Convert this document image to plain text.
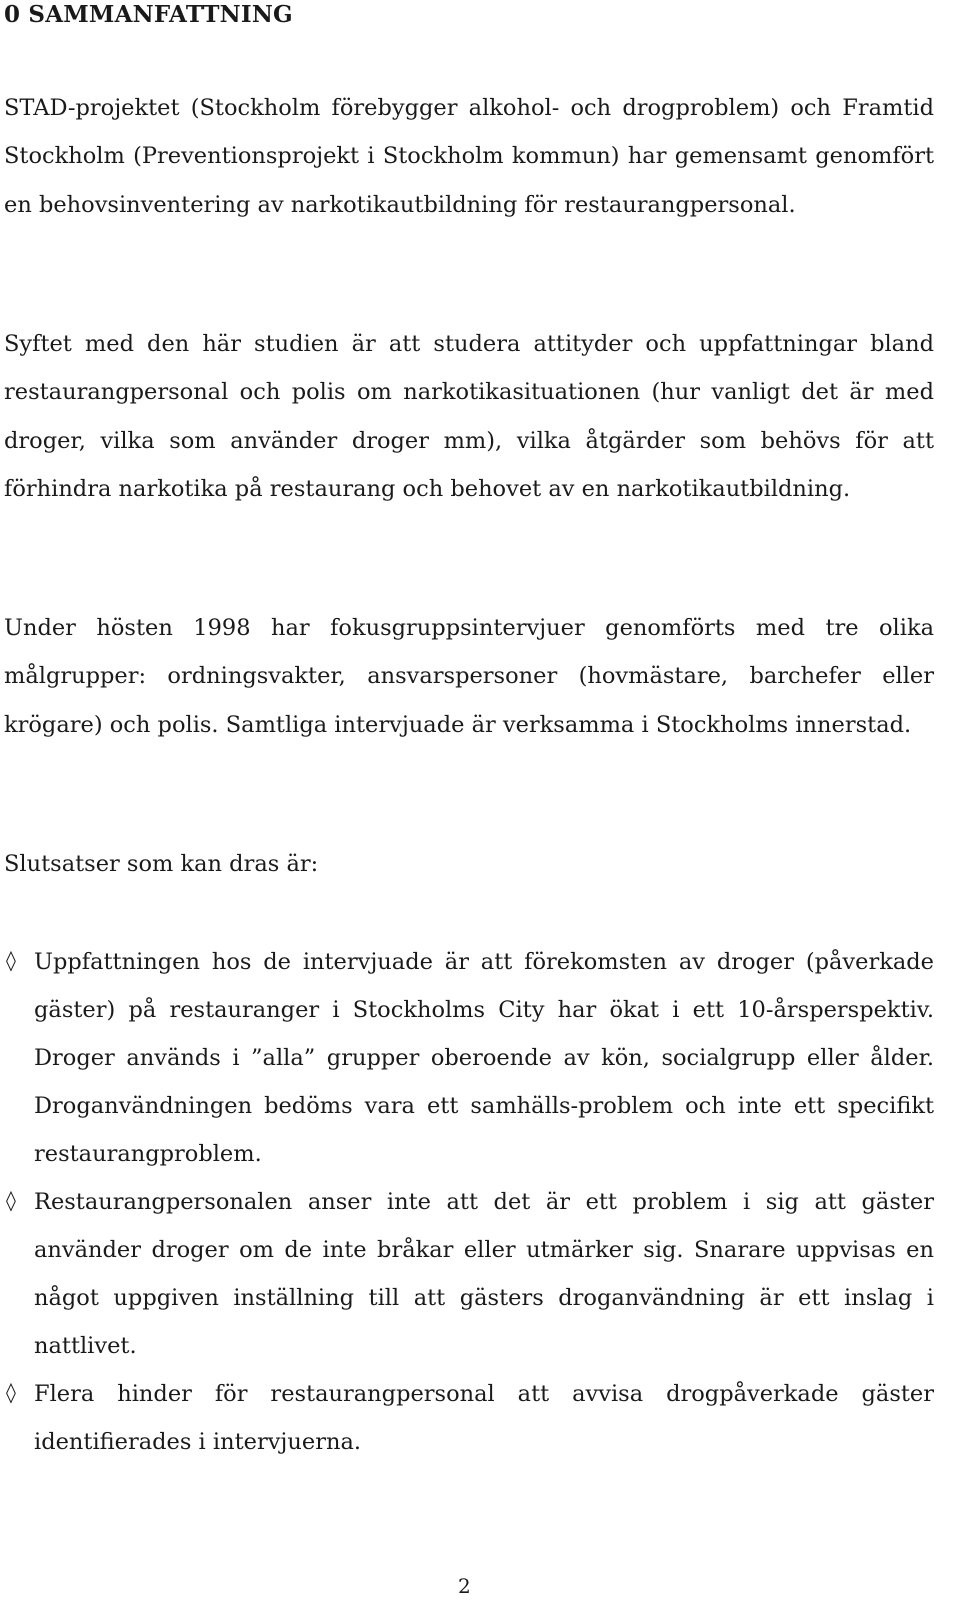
0 SAMMANFATTNING

STAD-projektet (Stockholm förebygger alkohol- och drogproblem) och Framtid Stockholm (Preventionsprojekt i Stockholm kommun) har gemensamt genomfört en behovsinventering av narkotikautbildning för restaurangpersonal.

Syftet med den här studien är att studera attityder och uppfattningar bland restaurangpersonal och polis om narkotikasituationen (hur vanligt det är med droger, vilka som använder droger mm), vilka åtgärder som behövs för att förhindra narkotika på restaurang och behovet av en narkotikautbildning.

Under hösten 1998 har fokusgruppsintervjuer genomförts med tre olika målgrupper: ordningsvakter, ansvarspersoner (hovmästare, barchefer eller krögare) och polis. Samtliga intervjuade är verksamma i Stockholms innerstad.

Slutsatser som kan dras är:

◊ Uppfattningen hos de intervjuade är att förekomsten av droger (påverkade gäster) på restauranger i Stockholms City har ökat i ett 10-årsperspektiv. Droger används i ”alla” grupper oberoende av kön, socialgrupp eller ålder. Droganvändningen bedöms vara ett samhälls-problem och inte ett specifikt restaurangproblem.
◊ Restaurangpersonalen anser inte att det är ett problem i sig att gäster använder droger om de inte bråkar eller utmärker sig. Snarare uppvisas en något uppgiven inställning till att gästers droganvändning är ett inslag i nattlivet.
◊ Flera hinder för restaurangpersonal att avvisa drogpåverkade gäster identifierades i intervjuerna.
2
